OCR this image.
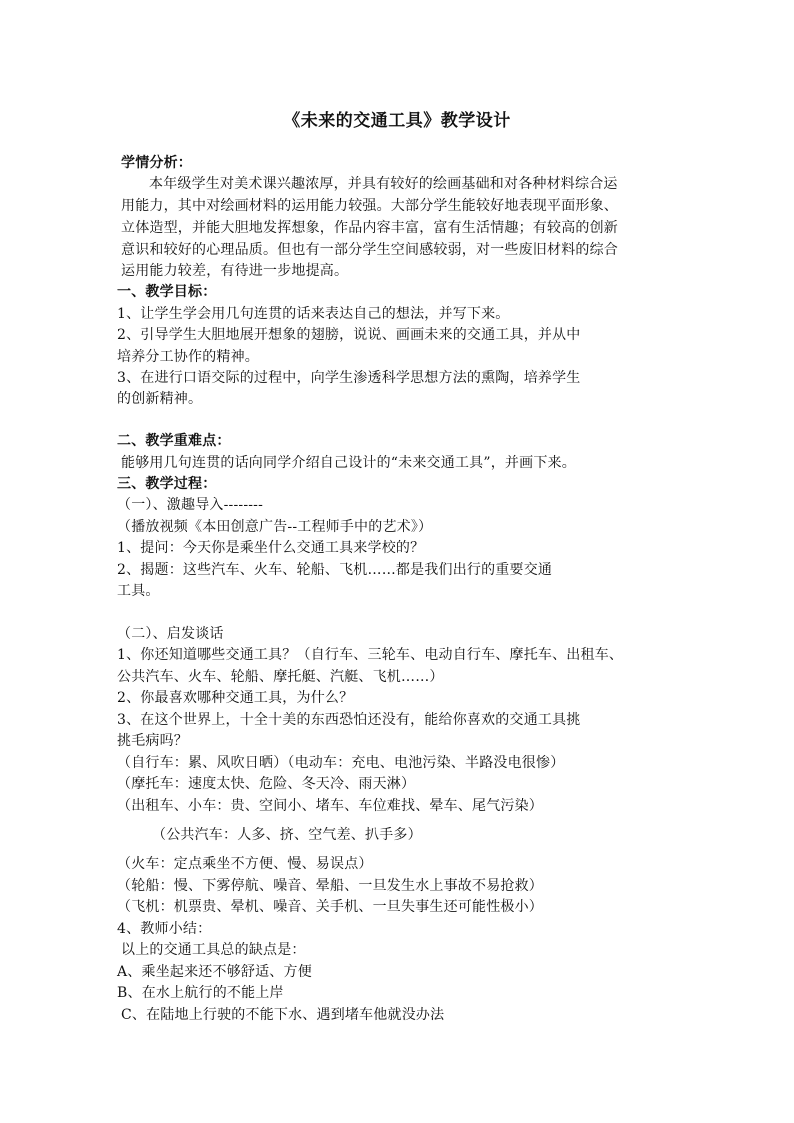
《未来的交通工具》教学设计
学情分析：
本年级学生对美术课兴趣浓厚，并具有较好的绘画基础和对各种材料综合运
用能力，其中对绘画材料的运用能力较强。大部分学生能较好地表现平面形象、
立体造型，并能大胆地发挥想象，作品内容丰富，富有生活情趣；有较高的创新
意识和较好的心理品质。但也有一部分学生空间感较弱，对一些废旧材料的综合
运用能力较差，有待进一步地提高。
一、教学目标：
1、让学生学会用几句连贯的话来表达自己的想法，并写下来。
2、引导学生大胆地展开想象的翅膀，说说、画画未来的交通工具，并从中
培养分工协作的精神。
3、在进行口语交际的过程中，向学生渗透科学思想方法的熏陶，培养学生
的创新精神。
二、教学重难点：
能够用几句连贯的话向同学介绍自己设计的“未来交通工具”，并画下来。
三、教学过程：
（一）、激趣导入--------
（播放视频《本田创意广告--工程师手中的艺术》）
1、提问：今天你是乘坐什么交通工具来学校的？
2、揭题：这些汽车、火车、轮船、飞机……都是我们出行的重要交通
工具。
（二）、启发谈话
1、你还知道哪些交通工具？（自行车、三轮车、电动自行车、摩托车、出租车、
公共汽车、火车、轮船、摩托艇、汽艇、飞机……）
2、你最喜欢哪种交通工具，为什么？
3、在这个世界上，十全十美的东西恐怕还没有，能给你喜欢的交通工具挑
挑毛病吗？
（自行车：累、风吹日晒）（电动车：充电、电池污染、半路没电很惨）
（摩托车：速度太快、危险、冬天冷、雨天淋）
（出租车、小车：贵、空间小、堵车、车位难找、晕车、尾气污染）
（公共汽车：人多、挤、空气差、扒手多）
（火车：定点乘坐不方便、慢、易误点）
（轮船：慢、下雾停航、噪音、晕船、一旦发生水上事故不易抢救）
（飞机：机票贵、晕机、噪音、关手机、一旦失事生还可能性极小）
4、教师小结：
以上的交通工具总的缺点是：
A、乘坐起来还不够舒适、方便
B、在水上航行的不能上岸
C、在陆地上行驶的不能下水、遇到堵车他就没办法
